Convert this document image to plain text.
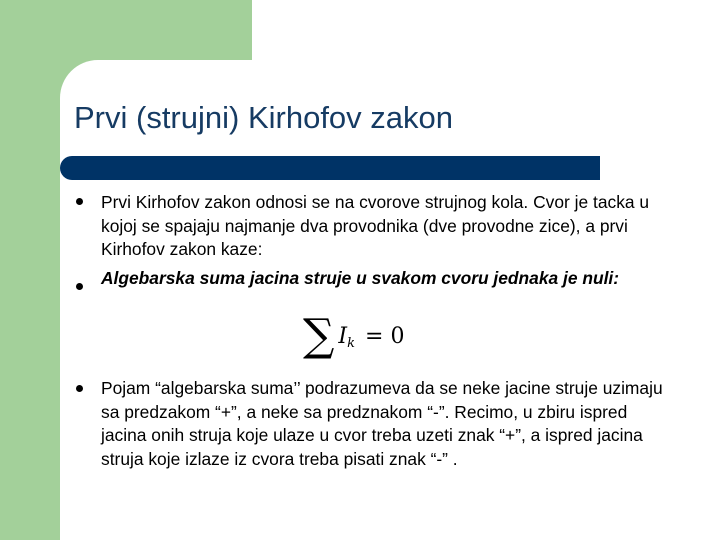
Prvi (strujni) Kirhofov zakon

Prvi Kirhofov zakon odnosi se na cvorove strujnog kola. Cvor je tacka u kojoj se spajaju najmanje dva provodnika (dve provodne zice), a prvi Kirhofov zakon kaze:

Algebarska suma jacina struje u svakom cvoru jednaka je nuli:

∑ I k = 0

Pojam “algebarska suma’’ podrazumeva da se neke jacine struje uzimaju sa predzakom “+”, a neke sa predznakom “-”. Recimo, u zbiru ispred jacina onih struja koje ulaze u cvor treba uzeti znak “+”, a ispred jacina struja koje izlaze iz cvora treba pisati znak “-” .
